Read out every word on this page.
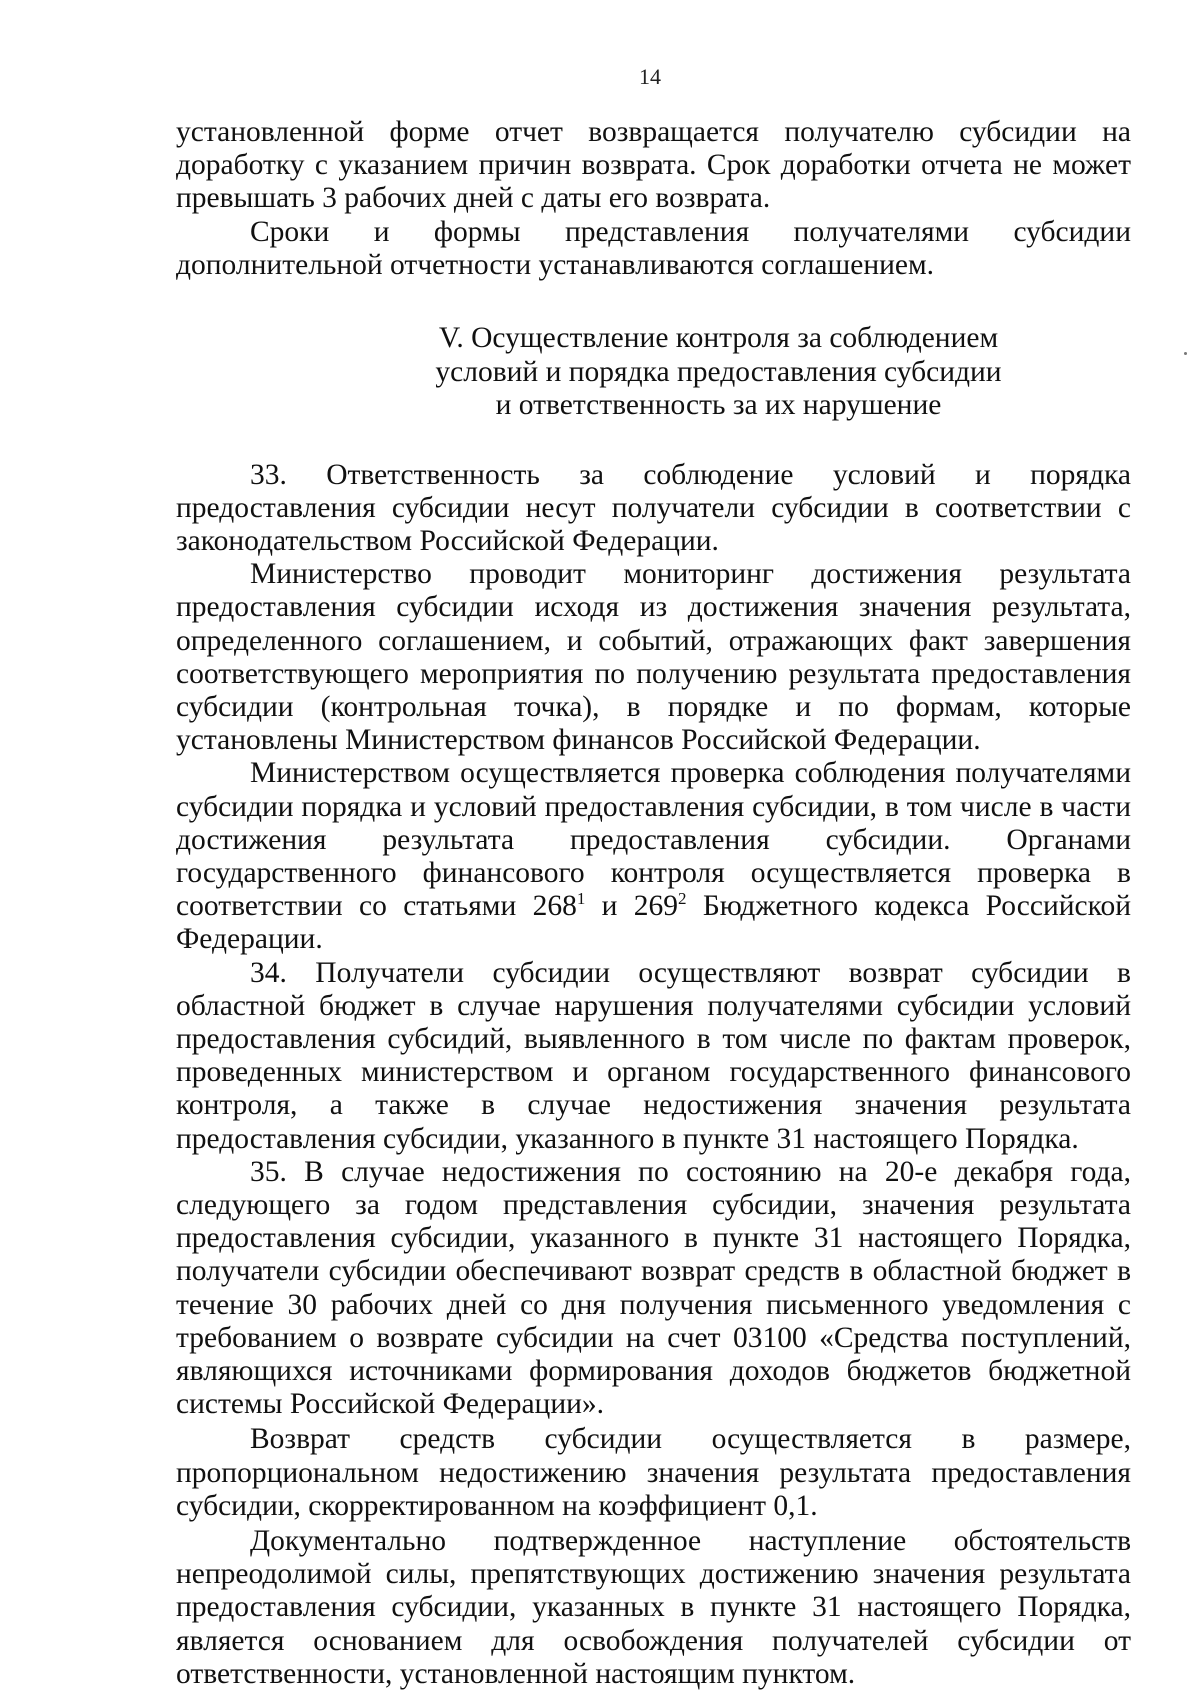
14

установленной форме отчет возвращается получателю субсидии на доработку с указанием причин возврата. Срок доработки отчета не может превышать 3 рабочих дней с даты его возврата.

Сроки и формы представления получателями субсидии дополнительной отчетности устанавливаются соглашением.

V. Осуществление контроля за соблюдением
условий и порядка предоставления субсидии
и ответственность за их нарушение

33. Ответственность за соблюдение условий и порядка предоставления субсидии несут получатели субсидии в соответствии с законодательством Российской Федерации.

Министерство проводит мониторинг достижения результата предоставления субсидии исходя из достижения значения результата, определенного соглашением, и событий, отражающих факт завершения соответствующего мероприятия по получению результата предоставления субсидии (контрольная точка), в порядке и по формам, которые установлены Министерством финансов Российской Федерации.

Министерством осуществляется проверка соблюдения получателями субсидии порядка и условий предоставления субсидии, в том числе в части достижения результата предоставления субсидии. Органами государственного финансового контроля осуществляется проверка в соответствии со статьями $268^1$ и $269^2$ Бюджетного кодекса Российской Федерации.

34. Получатели субсидии осуществляют возврат субсидии в областной бюджет в случае нарушения получателями субсидии условий предоставления субсидий, выявленного в том числе по фактам проверок, проведенных министерством и органом государственного финансового контроля, а также в случае недостижения значения результата предоставления субсидии, указанного в пункте 31 настоящего Порядка.

35. В случае недостижения по состоянию на 20-е декабря года, следующего за годом представления субсидии, значения результата предоставления субсидии, указанного в пункте 31 настоящего Порядка, получатели субсидии обеспечивают возврат средств в областной бюджет в течение 30 рабочих дней со дня получения письменного уведомления с требованием о возврате субсидии на счет 03100 «Средства поступлений, являющихся источниками формирования доходов бюджетов бюджетной системы Российской Федерации».

Возврат средств субсидии осуществляется в размере, пропорциональном недостижению значения результата предоставления субсидии, скорректированном на коэффициент 0,1.

Документально подтвержденное наступление обстоятельств непреодолимой силы, препятствующих достижению значения результата предоставления субсидии, указанных в пункте 31 настоящего Порядка, является основанием для освобождения получателей субсидии от ответственности, установленной настоящим пунктом.
